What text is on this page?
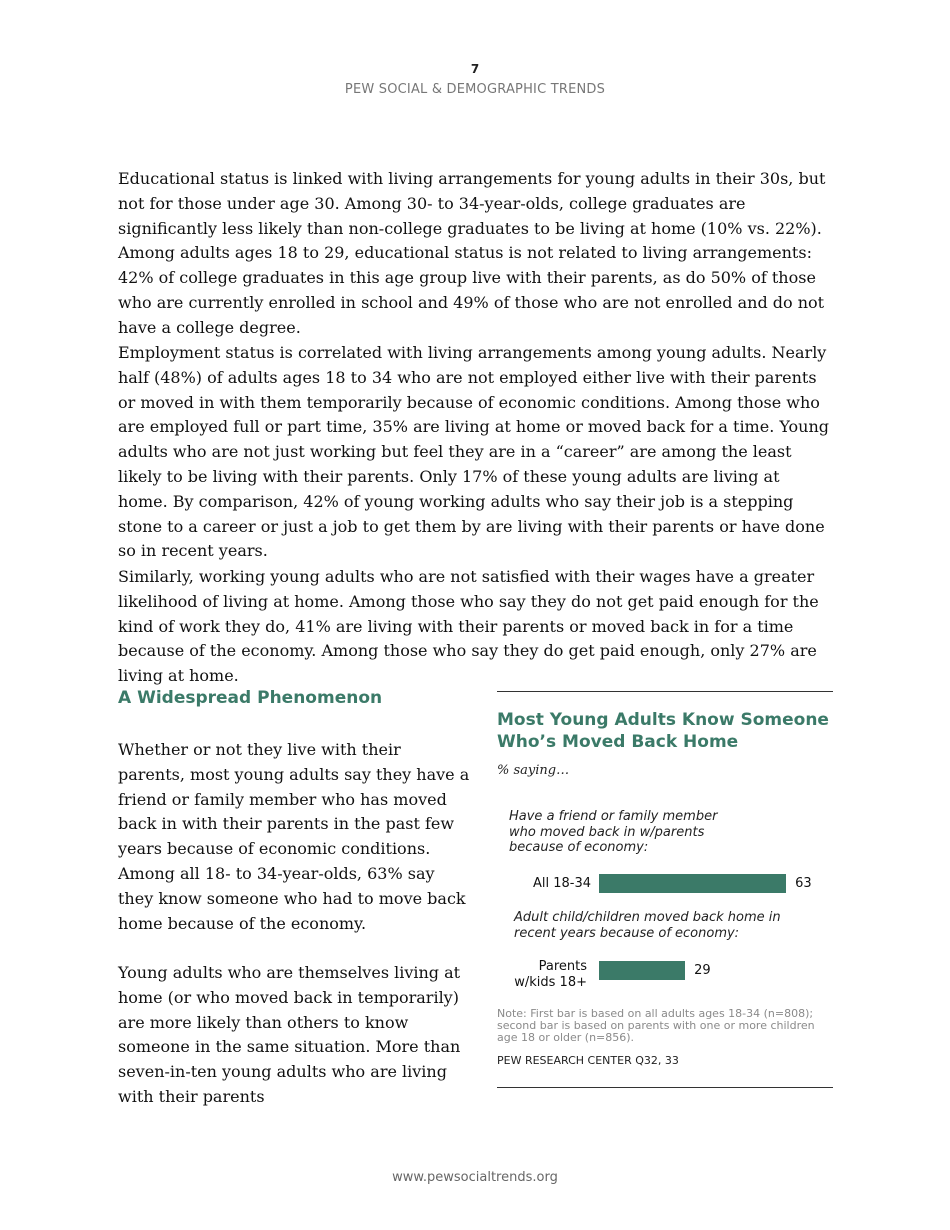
7
PEW SOCIAL & DEMOGRAPHIC TRENDS

Educational status is linked with living arrangements for young adults in their 30s, but not for those under age 30. Among 30- to 34-year-olds, college graduates are significantly less likely than non-college graduates to be living at home (10% vs. 22%). Among adults ages 18 to 29, educational status is not related to living arrangements: 42% of college graduates in this age group live with their parents, as do 50% of those who are currently enrolled in school and 49% of those who are not enrolled and do not have a college degree.

Employment status is correlated with living arrangements among young adults. Nearly half (48%) of adults ages 18 to 34 who are not employed either live with their parents or moved in with them temporarily because of economic conditions. Among those who are employed full or part time, 35% are living at home or moved back for a time. Young adults who are not just working but feel they are in a “career” are among the least likely to be living with their parents. Only 17% of these young adults are living at home. By comparison, 42% of young working adults who say their job is a stepping stone to a career or just a job to get them by are living with their parents or have done so in recent years.

Similarly, working young adults who are not satisfied with their wages have a greater likelihood of living at home. Among those who say they do not get paid enough for the kind of work they do, 41% are living with their parents or moved back in for a time because of the economy. Among those who say they do get paid enough, only 27% are living at home.

A Widespread Phenomenon

Whether or not they live with their parents, most young adults say they have a friend or family member who has moved back in with their parents in the past few years because of economic conditions. Among all 18- to 34-year-olds, 63% say they know someone who had to move back home because of the economy.

Young adults who are themselves living at home (or who moved back in temporarily) are more likely than others to know someone in the same situation. More than seven-in-ten young adults who are living with their parents

Most Young Adults Know Someone Who’s Moved Back Home
% saying…
Have a friend or family member who moved back in w/parents because of economy:
All 18-34	63
Adult child/children moved back home in recent years because of economy:
Parents w/kids 18+
29
Note: First bar is based on all adults ages 18-34 (n=808); second bar is based on parents with one or more children age 18 or older (n=856).
PEW RESEARCH CENTER Q32, 33
www.pewsocialtrends.org
